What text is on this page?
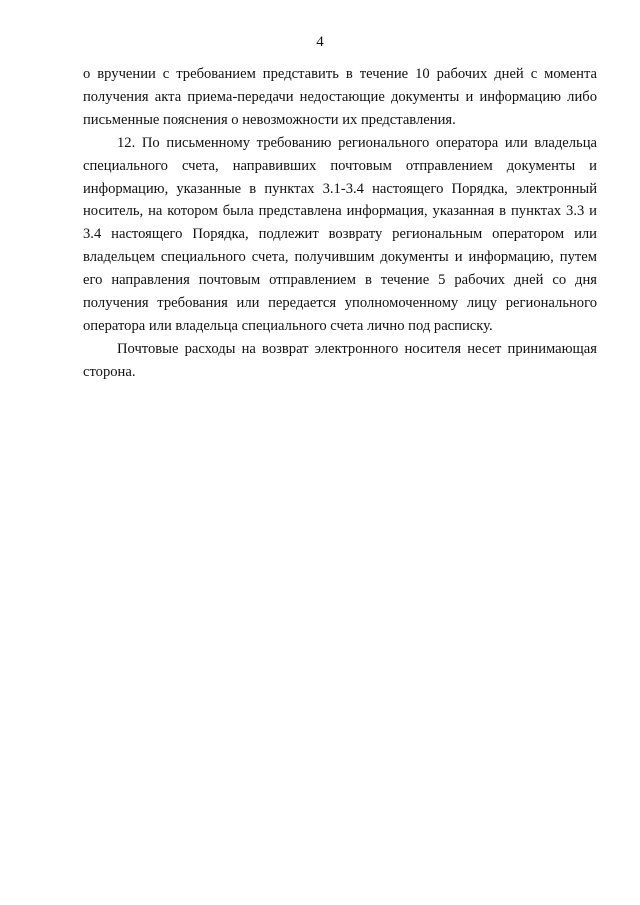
4

о вручении с требованием представить в течение 10 рабочих дней с момента получения акта приема-передачи недостающие документы и информацию либо письменные пояснения о невозможности их представления.

12. По письменному требованию регионального оператора или владельца специального счета, направивших почтовым отправлением документы и информацию, указанные в пунктах 3.1-3.4 настоящего Порядка, электронный носитель, на котором была представлена информация, указанная в пунктах 3.3 и 3.4 настоящего Порядка, подлежит возврату региональным оператором или владельцем специального счета, получившим документы и информацию, путем его направления почтовым отправлением в течение 5 рабочих дней со дня получения требования или передается уполномоченному лицу регионального оператора или владельца специального счета лично под расписку.

Почтовые расходы на возврат электронного носителя несет принимающая сторона.
